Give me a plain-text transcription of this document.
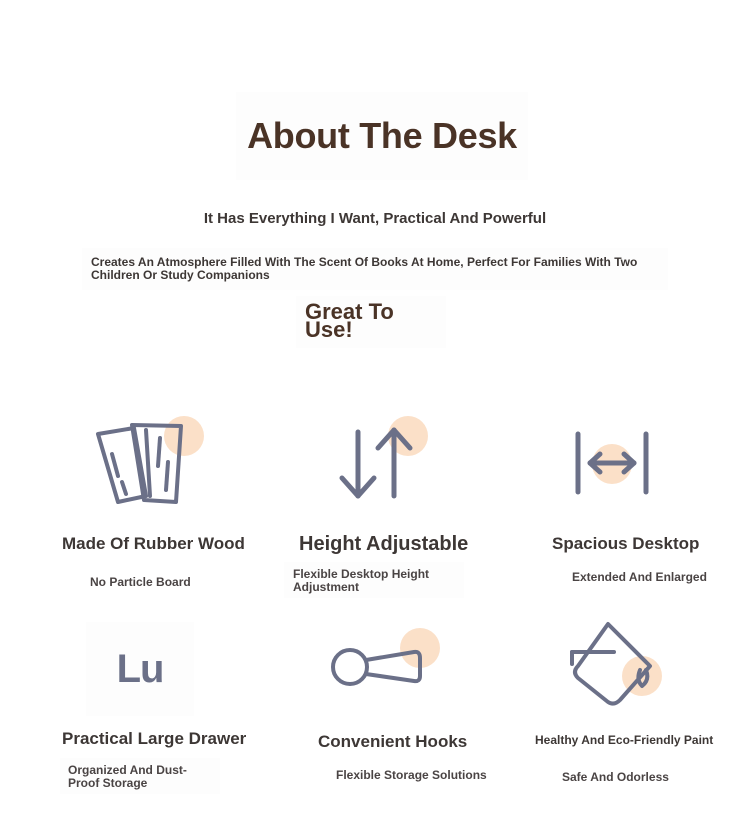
About The Desk
It Has Everything I Want, Practical And Powerful
Creates An Atmosphere Filled With The Scent Of Books At Home, Perfect For Families With Two Children Or Study Companions
Great To Use!
Made Of Rubber Wood
No Particle Board
Height Adjustable
Flexible Desktop Height Adjustment
Spacious Desktop
Extended And Enlarged
Lu
Practical Large Drawer
Organized And Dust-Proof Storage
Convenient Hooks
Flexible Storage Solutions
Healthy And Eco-Friendly Paint
Safe And Odorless
